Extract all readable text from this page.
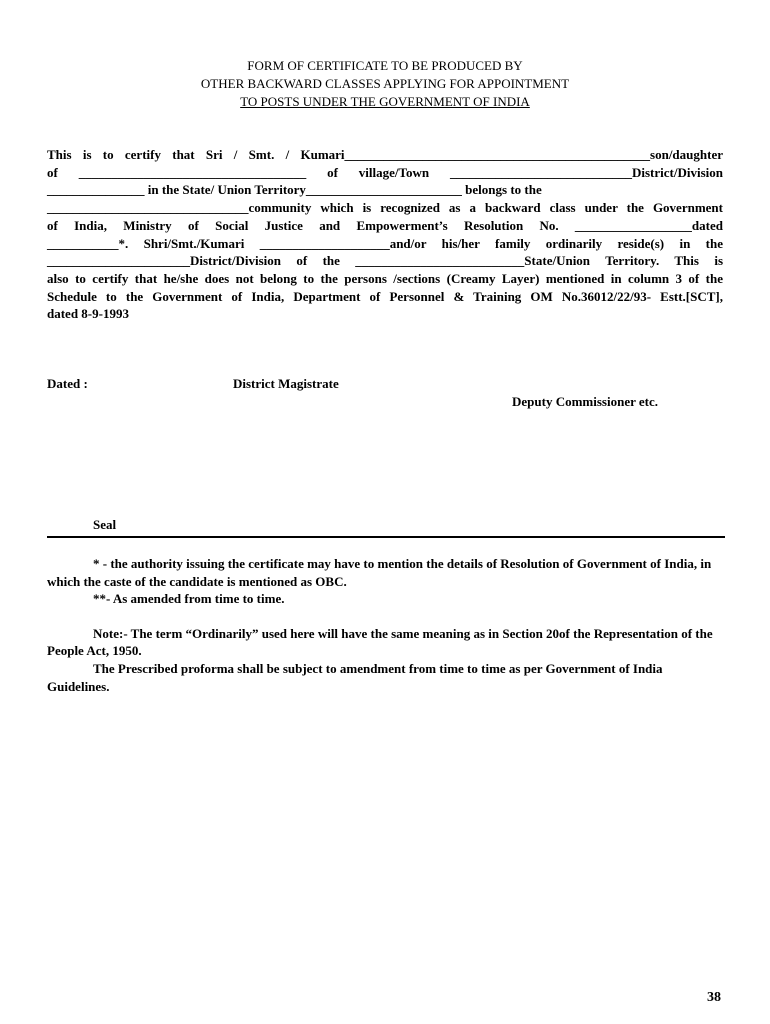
FORM OF CERTIFICATE TO BE PRODUCED BY
OTHER BACKWARD CLASSES APPLYING FOR APPOINTMENT
TO POSTS UNDER THE GOVERNMENT OF INDIA
This is to certify that Sri / Smt. / Kumari_______________________________________________son/daughter
of ___________________________________ of village/Town ____________________________District/Division
_______________ in the State/ Union Territory________________________ belongs to the
_______________________________community which is recognized as a backward class under the Government
of India, Ministry of Social Justice and Empowerment’s Resolution No. __________________dated
___________*. Shri/Smt./Kumari ____________________and/or his/her family ordinarily reside(s) in the
______________________District/Division of the __________________________State/Union Territory. This is
also to certify that he/she does not belong to the persons /sections (Creamy Layer) mentioned in column 3 of the
Schedule to the Government of India, Department of Personnel & Training OM No.36012/22/93- Estt.[SCT],
dated 8-9-1993
Dated :	District Magistrate
Deputy Commissioner etc.
Seal

* - the authority issuing the certificate may have to mention the details of Resolution of Government of India, in which the caste of the candidate is mentioned as OBC.

**- As amended from time to time.

Note:- The term “Ordinarily” used here will have the same meaning as in Section 20of the Representation of the People Act, 1950.

The Prescribed proforma shall be subject to amendment from time to time as per Government of India Guidelines.

38
